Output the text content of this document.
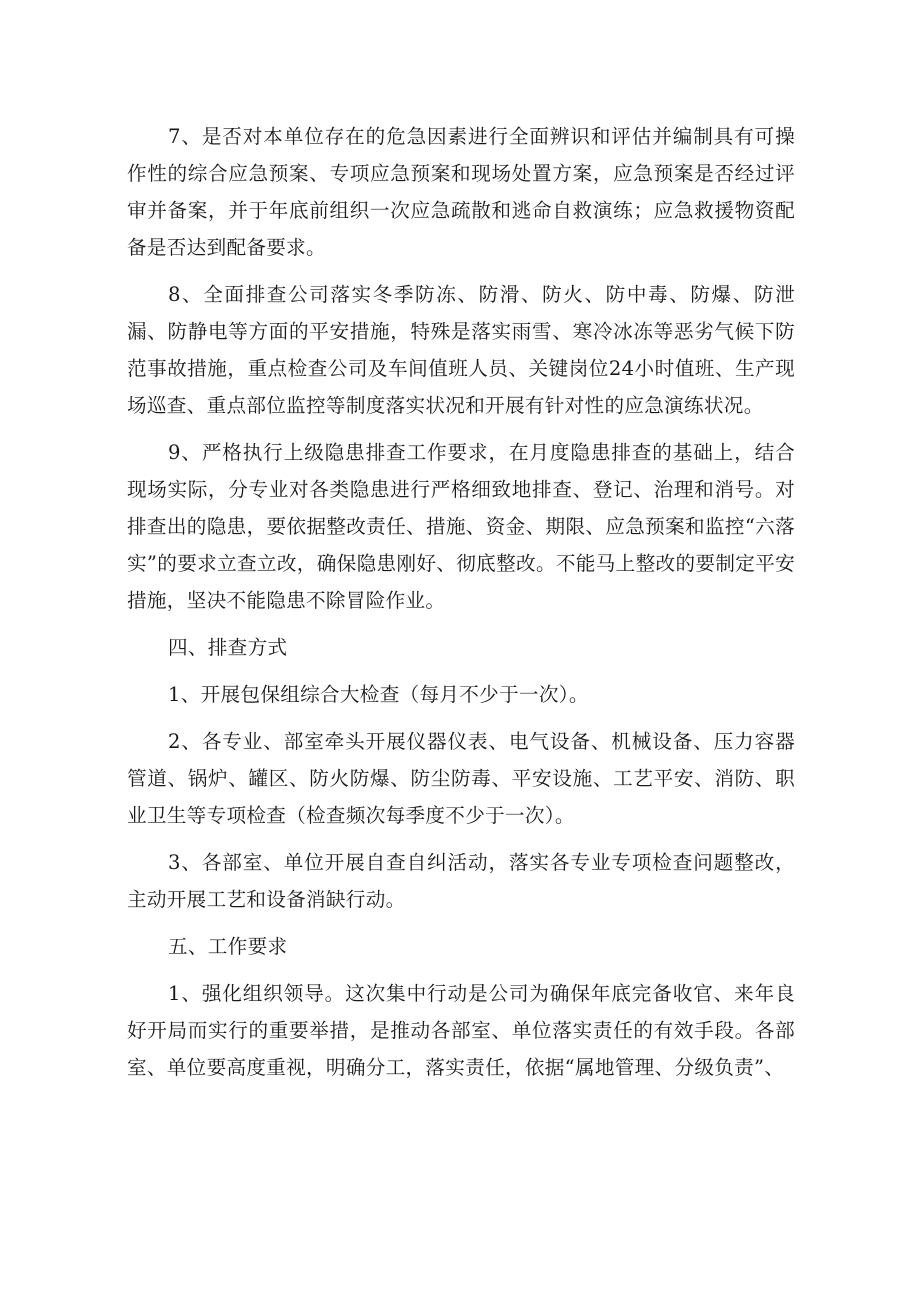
7、是否对本单位存在的危急因素进行全面辨识和评估并编制具有可操作性的综合应急预案、专项应急预案和现场处置方案，应急预案是否经过评审并备案，并于年底前组织一次应急疏散和逃命自救演练；应急救援物资配备是否达到配备要求。

8、全面排查公司落实冬季防冻、防滑、防火、防中毒、防爆、防泄漏、防静电等方面的平安措施，特殊是落实雨雪、寒冷冰冻等恶劣气候下防范事故措施，重点检查公司及车间值班人员、关键岗位24小时值班、生产现场巡查、重点部位监控等制度落实状况和开展有针对性的应急演练状况。

9、严格执行上级隐患排查工作要求，在月度隐患排查的基础上，结合现场实际，分专业对各类隐患进行严格细致地排查、登记、治理和消号。对排查出的隐患，要依据整改责任、措施、资金、期限、应急预案和监控“六落实”的要求立查立改，确保隐患刚好、彻底整改。不能马上整改的要制定平安措施，坚决不能隐患不除冒险作业。

四、排查方式

1、开展包保组综合大检查（每月不少于一次）。

2、各专业、部室牵头开展仪器仪表、电气设备、机械设备、压力容器管道、锅炉、罐区、防火防爆、防尘防毒、平安设施、工艺平安、消防、职业卫生等专项检查（检查频次每季度不少于一次）。

3、各部室、单位开展自查自纠活动，落实各专业专项检查问题整改，主动开展工艺和设备消缺行动。

五、工作要求

1、强化组织领导。这次集中行动是公司为确保年底完备收官、来年良好开局而实行的重要举措，是推动各部室、单位落实责任的有效手段。各部室、单位要高度重视，明确分工，落实责任，依据“属地管理、分级负责”、
